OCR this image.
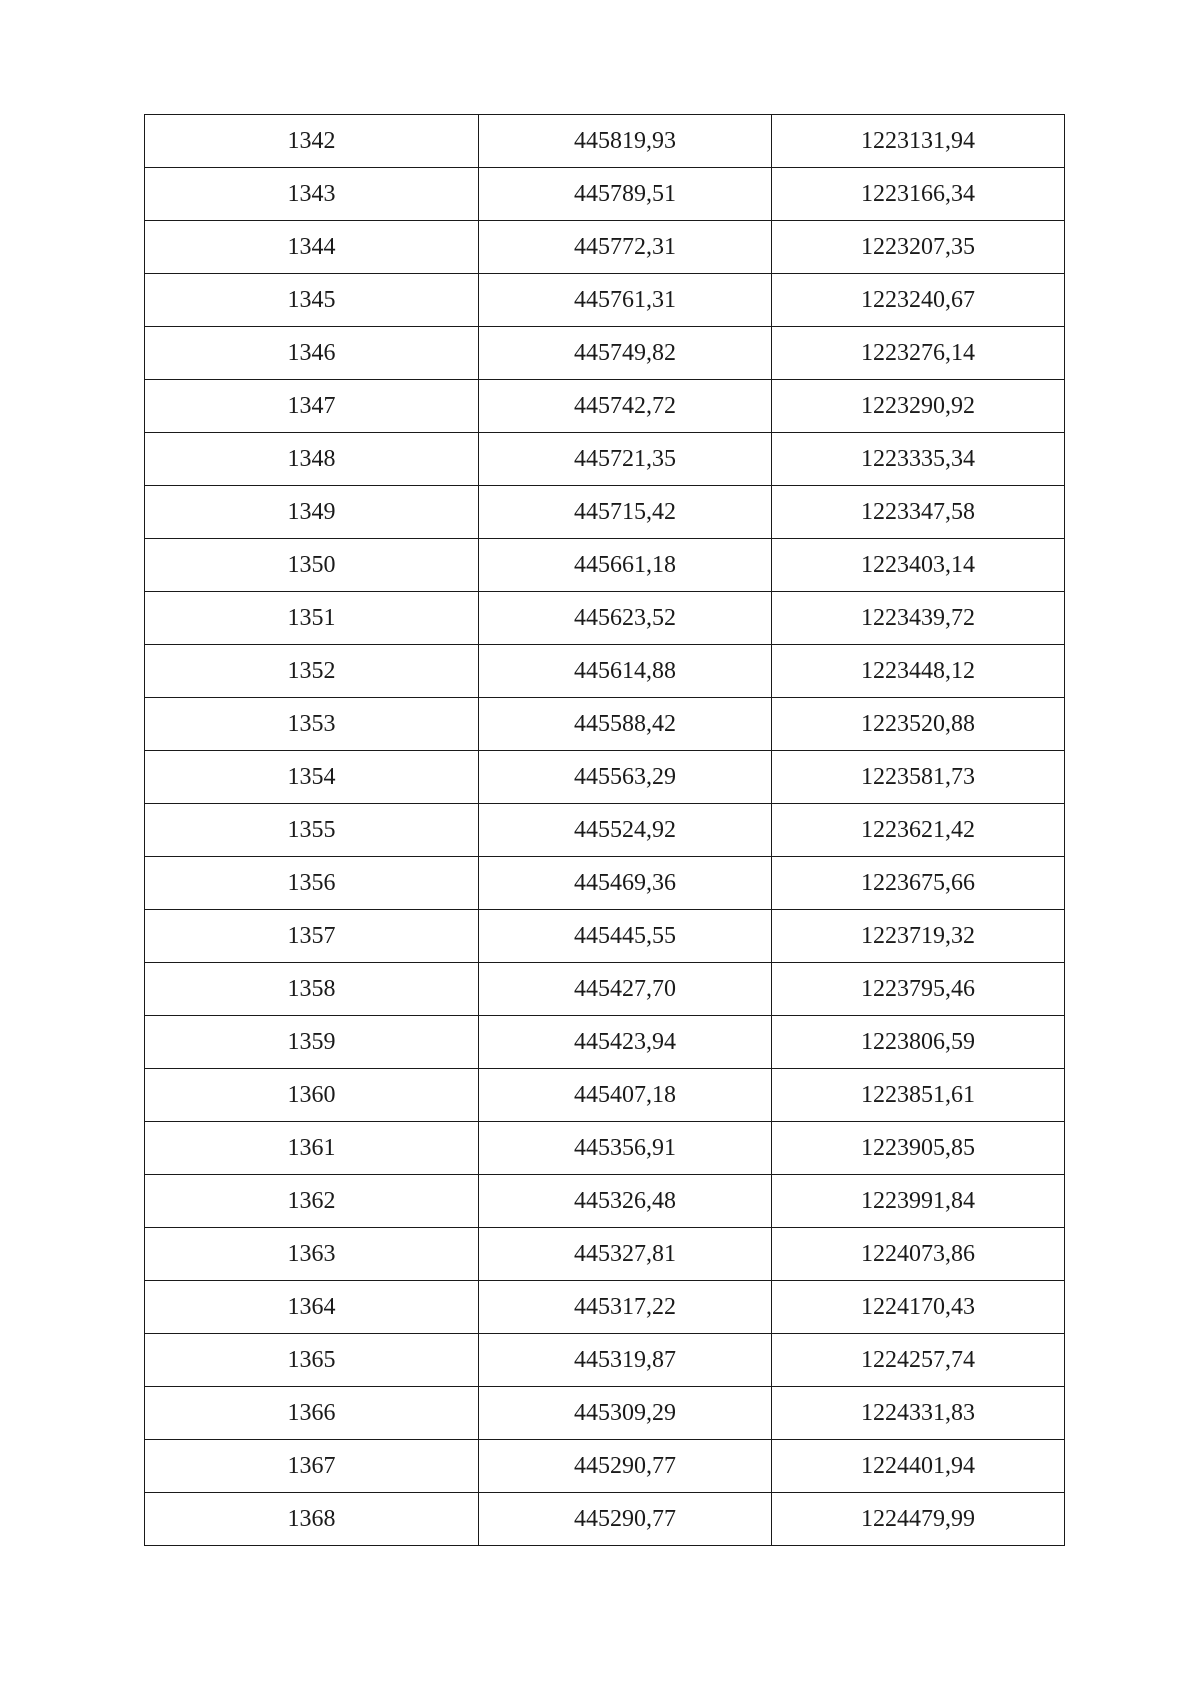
1342	445819,93	1223131,94
1343	445789,51	1223166,34
1344	445772,31	1223207,35
1345	445761,31	1223240,67
1346	445749,82	1223276,14
1347	445742,72	1223290,92
1348	445721,35	1223335,34
1349	445715,42	1223347,58
1350	445661,18	1223403,14
1351	445623,52	1223439,72
1352	445614,88	1223448,12
1353	445588,42	1223520,88
1354	445563,29	1223581,73
1355	445524,92	1223621,42
1356	445469,36	1223675,66
1357	445445,55	1223719,32
1358	445427,70	1223795,46
1359	445423,94	1223806,59
1360	445407,18	1223851,61
1361	445356,91	1223905,85
1362	445326,48	1223991,84
1363	445327,81	1224073,86
1364	445317,22	1224170,43
1365	445319,87	1224257,74
1366	445309,29	1224331,83
1367	445290,77	1224401,94
1368	445290,77	1224479,99
